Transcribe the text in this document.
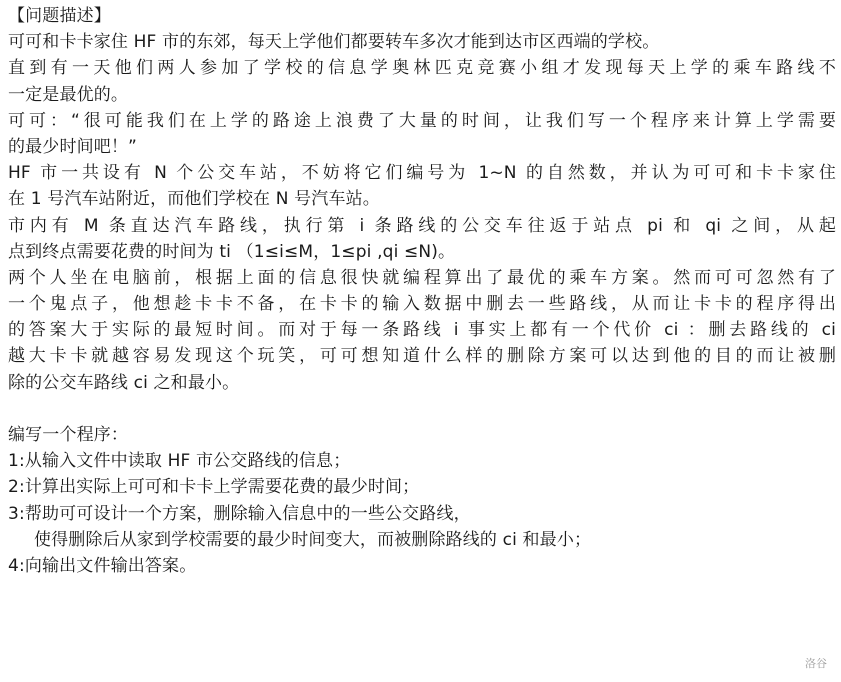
【问题描述】
可可和卡卡家住 HF 市的东郊，每天上学他们都要转车多次才能到达市区西端的学校。
直到有一天他们两人参加了学校的信息学奥林匹克竞赛小组才发现每天上学的乘车路线不
一定是最优的。
可可：“很可能我们在上学的路途上浪费了大量的时间，让我们写一个程序来计算上学需要
的最少时间吧！”
HF 市一共设有 N 个公交车站，不妨将它们编号为 1~N 的自然数，并认为可可和卡卡家住
在 1 号汽车站附近，而他们学校在 N 号汽车站。
市内有 M 条直达汽车路线，执行第 i 条路线的公交车往返于站点 pi 和 qi 之间，从起
点到终点需要花费的时间为 ti （1≤i≤M，1≤pi ,qi ≤N)。
两个人坐在电脑前，根据上面的信息很快就编程算出了最优的乘车方案。然而可可忽然有了
一个鬼点子，他想趁卡卡不备，在卡卡的输入数据中删去一些路线，从而让卡卡的程序得出
的答案大于实际的最短时间。而对于每一条路线 i 事实上都有一个代价 ci ：删去路线的 ci
越大卡卡就越容易发现这个玩笑，可可想知道什么样的删除方案可以达到他的目的而让被删
除的公交车路线 ci 之和最小。
编写一个程序：
1:从输入文件中读取 HF 市公交路线的信息；
2:计算出实际上可可和卡卡上学需要花费的最少时间；
3:帮助可可设计一个方案，删除输入信息中的一些公交路线，
使得删除后从家到学校需要的最少时间变大，而被删除路线的 ci 和最小；
4:向输出文件输出答案。
洛谷
